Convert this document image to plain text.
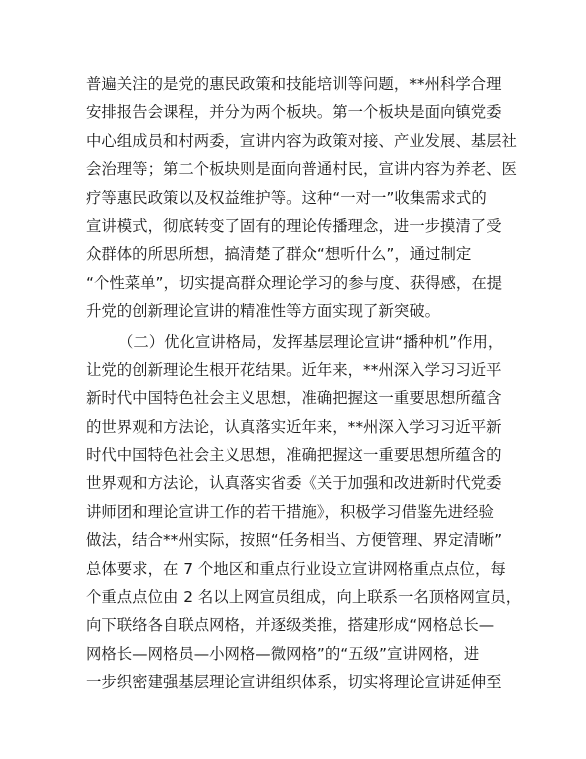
普遍关注的是党的惠民政策和技能培训等问题，**州科学合理
安排报告会课程，并分为两个板块。第一个板块是面向镇党委
中心组成员和村两委，宣讲内容为政策对接、产业发展、基层社
会治理等；第二个板块则是面向普通村民，宣讲内容为养老、医
疗等惠民政策以及权益维护等。这种“一对一”收集需求式的
宣讲模式，彻底转变了固有的理论传播理念，进一步摸清了受
众群体的所思所想，搞清楚了群众“想听什么”，通过制定
“个性菜单”，切实提高群众理论学习的参与度、获得感，在提
升党的创新理论宣讲的精准性等方面实现了新突破。
（二）优化宣讲格局，发挥基层理论宣讲“播种机”作用，
让党的创新理论生根开花结果。近年来，**州深入学习习近平
新时代中国特色社会主义思想，准确把握这一重要思想所蕴含
的世界观和方法论，认真落实近年来，**州深入学习习近平新
时代中国特色社会主义思想，准确把握这一重要思想所蕴含的
世界观和方法论，认真落实省委《关于加强和改进新时代党委
讲师团和理论宣讲工作的若干措施》，积极学习借鉴先进经验
做法，结合**州实际，按照“任务相当、方便管理、界定清晰”
总体要求，在 7 个地区和重点行业设立宣讲网格重点点位，每
个重点点位由 2 名以上网宣员组成，向上联系一名顶格网宣员，
向下联络各自联点网格，并逐级类推，搭建形成“网格总长—
网格长—网格员—小网格—微网格”的“五级”宣讲网格，进
一步织密建强基层理论宣讲组织体系，切实将理论宣讲延伸至
